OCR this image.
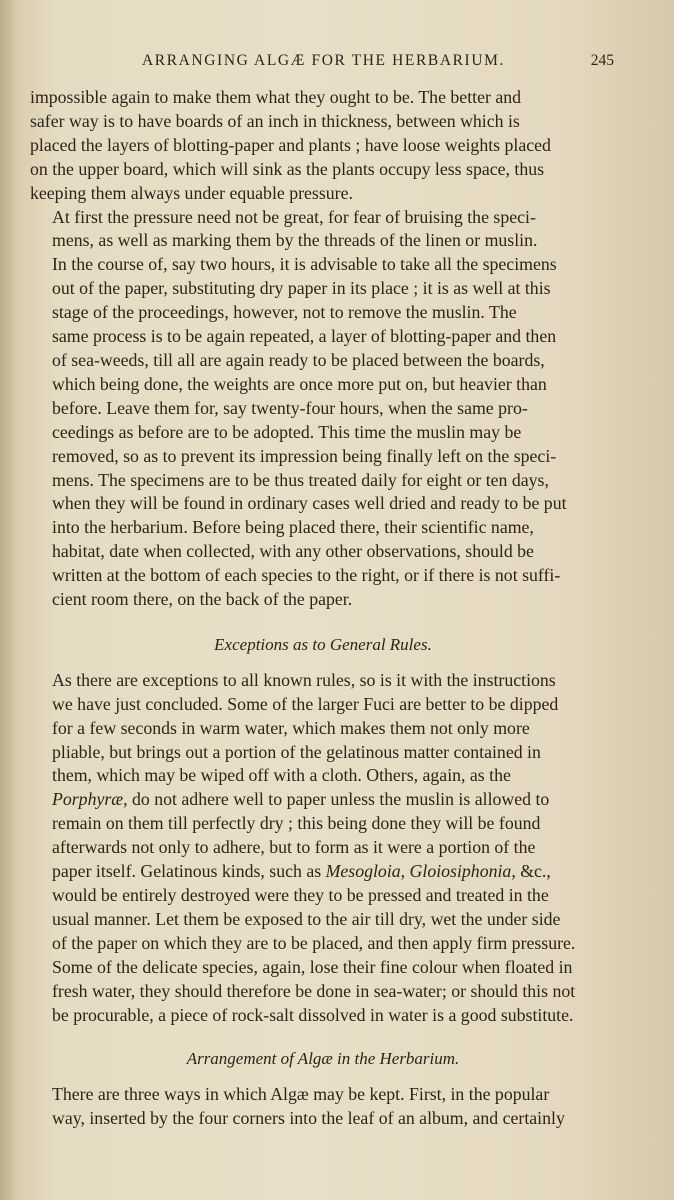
ARRANGING ALGÆ FOR THE HERBARIUM.	245

impossible again to make them what they ought to be. The better and
safer way is to have boards of an inch in thickness, between which is
placed the layers of blotting-paper and plants ; have loose weights placed
on the upper board, which will sink as the plants occupy less space, thus
keeping them always under equable pressure.

At first the pressure need not be great, for fear of bruising the speci-
mens, as well as marking them by the threads of the linen or muslin.
In the course of, say two hours, it is advisable to take all the specimens
out of the paper, substituting dry paper in its place ; it is as well at this
stage of the proceedings, however, not to remove the muslin. The
same process is to be again repeated, a layer of blotting-paper and then
of sea-weeds, till all are again ready to be placed between the boards,
which being done, the weights are once more put on, but heavier than
before. Leave them for, say twenty-four hours, when the same pro-
ceedings as before are to be adopted. This time the muslin may be
removed, so as to prevent its impression being finally left on the speci-
mens. The specimens are to be thus treated daily for eight or ten days,
when they will be found in ordinary cases well dried and ready to be put
into the herbarium. Before being placed there, their scientific name,
habitat, date when collected, with any other observations, should be
written at the bottom of each species to the right, or if there is not suffi-
cient room there, on the back of the paper.

Exceptions as to General Rules.

As there are exceptions to all known rules, so is it with the instructions
we have just concluded. Some of the larger Fuci are better to be dipped
for a few seconds in warm water, which makes them not only more
pliable, but brings out a portion of the gelatinous matter contained in
them, which may be wiped off with a cloth. Others, again, as the
Porphyræ, do not adhere well to paper unless the muslin is allowed to
remain on them till perfectly dry ; this being done they will be found
afterwards not only to adhere, but to form as it were a portion of the
paper itself. Gelatinous kinds, such as Mesogloia, Gloiosiphonia, &c.,
would be entirely destroyed were they to be pressed and treated in the
usual manner. Let them be exposed to the air till dry, wet the under side
of the paper on which they are to be placed, and then apply firm pressure.
Some of the delicate species, again, lose their fine colour when floated in
fresh water, they should therefore be done in sea-water; or should this not
be procurable, a piece of rock-salt dissolved in water is a good substitute.

Arrangement of Algæ in the Herbarium.

There are three ways in which Algæ may be kept. First, in the popular
way, inserted by the four corners into the leaf of an album, and certainly
